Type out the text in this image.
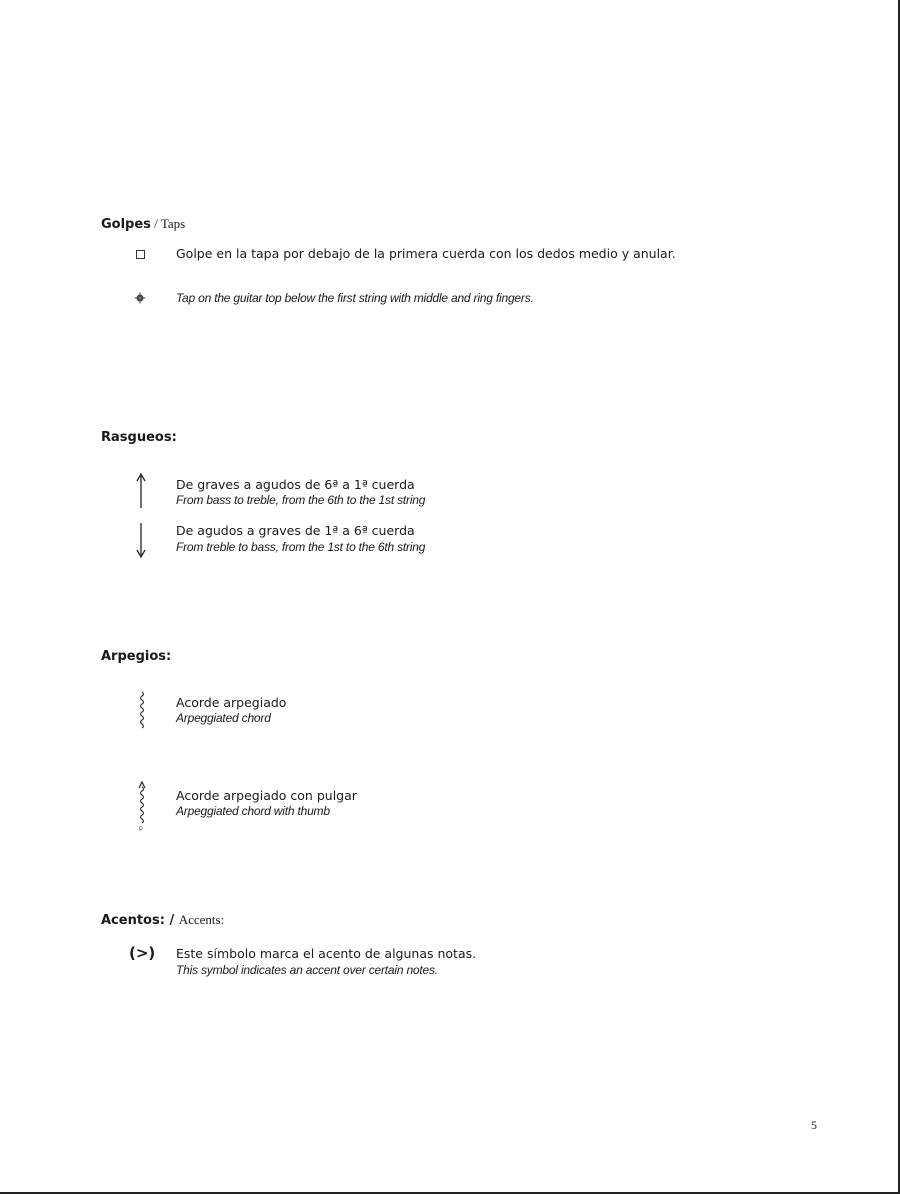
Golpes / Taps
Golpe en la tapa por debajo de la primera cuerda con los dedos medio y anular.
Tap on the guitar top below the first string with middle and ring fingers.
Rasgueos:
De graves a agudos de 6ª a 1ª cuerda
From bass to treble, from the 6th to the 1st string
De agudos a graves de 1ª a 6ª cuerda
From treble to bass, from the 1st to the 6th string
Arpegios:
Acorde arpegiado
Arpeggiated chord
p
Acorde arpegiado con pulgar
Arpeggiated chord with thumb
Acentos: / Accents:
(>) Este símbolo marca el acento de algunas notas.
This symbol indicates an accent over certain notes.
5
